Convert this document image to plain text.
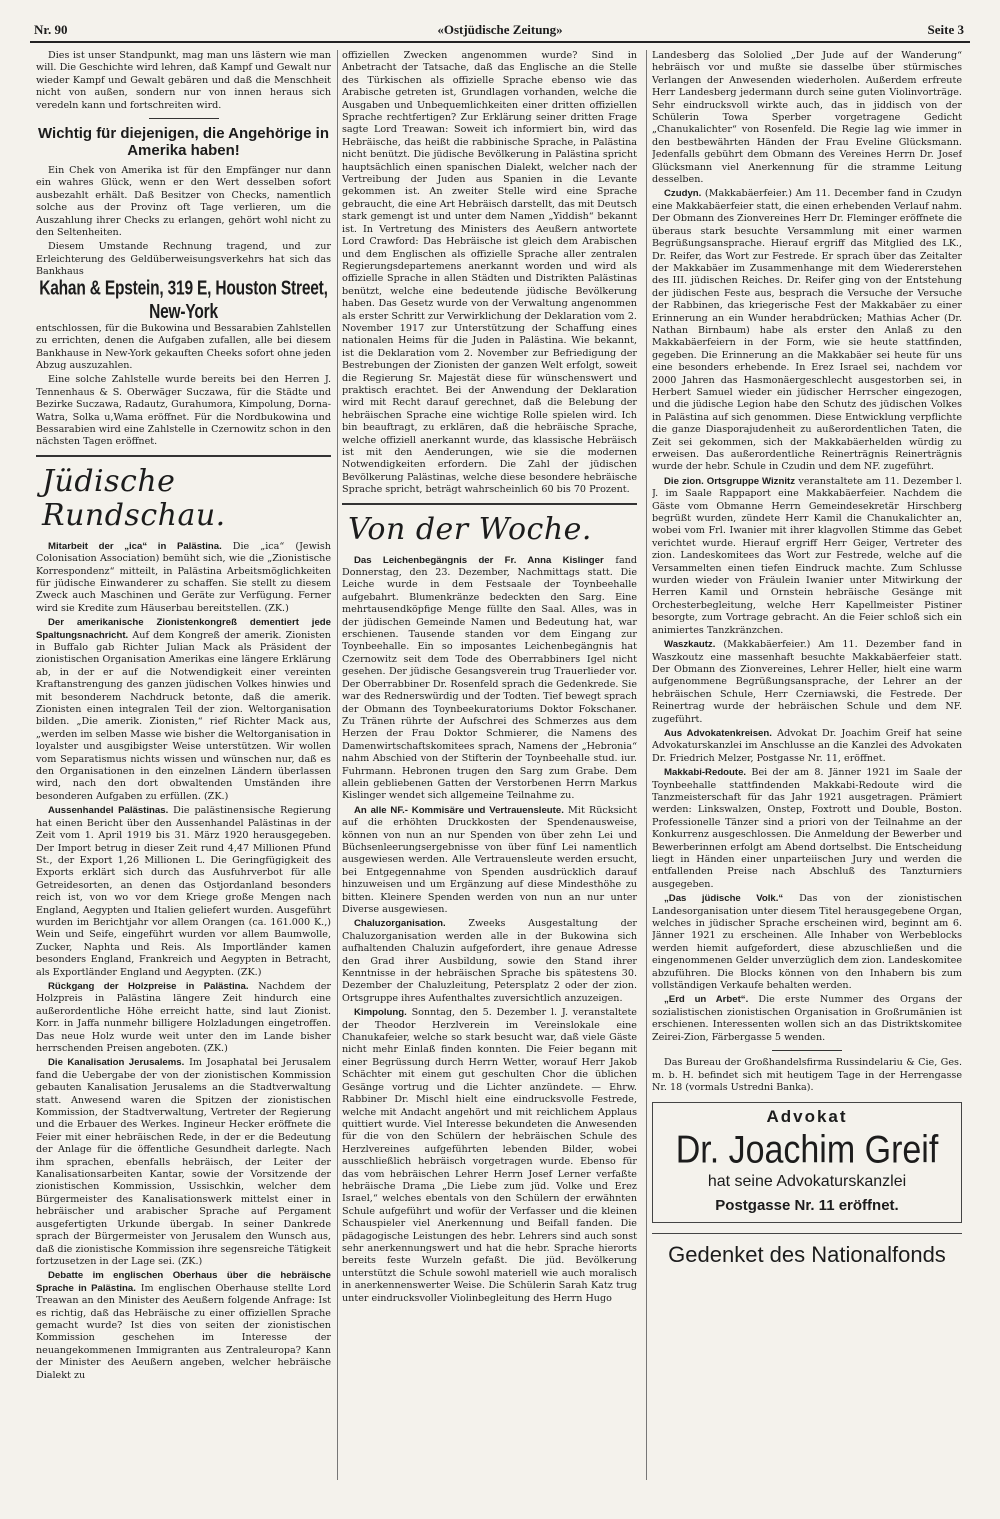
Nr. 90	«Ostjüdische Zeitung»	Seite 3

Dies ist unser Standpunkt, mag man uns lästern wie man will. Die Geschichte wird lehren, daß Kampf und Gewalt nur wieder Kampf und Gewalt gebären und daß die Menschheit nicht von außen, sondern nur von innen heraus sich veredeln kann und fortschreiten wird.

Wichtig für diejenigen, die Angehörige in Amerika haben!

Ein Chek von Amerika ist für den Empfänger nur dann ein wahres Glück, wenn er den Wert desselben sofort ausbezahlt erhält. Daß Besitzer von Checks, namentlich solche aus der Provinz oft Tage verlieren, um die Auszahlung ihrer Checks zu erlangen, gehört wohl nicht zu den Seltenheiten.

Diesem Umstande Rechnung tragend, und zur Erleichterung des Geldüberweisungsverkehrs hat sich das Bankhaus

Kahan & Epstein, 319 E, Houston Street, New-York

entschlossen, für die Bukowina und Bessarabien Zahlstellen zu errichten, denen die Aufgaben zufallen, alle bei diesem Bankhause in New-York gekauften Cheeks sofort ohne jeden Abzug auszuzahlen.

Eine solche Zahlstelle wurde bereits bei den Herren J. Tennenhaus & S. Oberwäger Suczawa, für die Städte und Bezirke Suczawa, Radautz, Gurahumora, Kimpolung, Dorna-Watra, Solka u,Wama eröffnet. Für die Nordbukowina und Bessarabien wird eine Zahlstelle in Czernowitz schon in den nächsten Tagen eröffnet.

Jüdische Rundschau.

Mitarbeit der „ica“ in Palästina. Die „ica“ (Jewish Colonisation Association) bemüht sich, wie die „Zionistische Korrespondenz“ mitteilt, in Palästina Arbeitsmöglichkeiten für jüdische Einwanderer zu schaffen. Sie stellt zu diesem Zweck auch Maschinen und Geräte zur Verfügung. Ferner wird sie Kredite zum Häuserbau bereitstellen. (ZK.)

Der amerikanische Zionistenkongreß dementiert jede Spaltungsnachricht. Auf dem Kongreß der amerik. Zionisten in Buffalo gab Richter Julian Mack als Präsident der zionistischen Organisation Amerikas eine längere Erklärung ab, in der er auf die Notwendigkeit einer vereinten Kraftanstrengung des ganzen jüdischen Volkes hinwies und mit besonderem Nachdruck betonte, daß die amerik. Zionisten einen integralen Teil der zion. Weltorganisation bilden. „Die amerik. Zionisten,“ rief Richter Mack aus, „werden im selben Masse wie bisher die Weltorganisation in loyalster und ausgibigster Weise unterstützen. Wir wollen vom Separatismus nichts wissen und wünschen nur, daß es den Organisationen in den einzelnen Ländern überlassen wird, nach den dort obwaltenden Umständen ihre besonderen Aufgaben zu erfüllen. (ZK.)

Aussenhandel Palästinas. Die palästinensische Regierung hat einen Bericht über den Aussenhandel Palästinas in der Zeit vom 1. April 1919 bis 31. März 1920 herausgegeben. Der Import betrug in dieser Zeit rund 4,47 Millionen Pfund St., der Export 1,26 Millionen L. Die Geringfügigkeit des Exports erklärt sich durch das Ausfuhrverbot für alle Getreidesorten, an denen das Ostjordanland besonders reich ist, von wo vor dem Kriege große Mengen nach England, Aegypten und Italien geliefert wurden. Ausgeführt wurden im Berichtjahr vor allem Orangen (ca. 161.000 K.,) Wein und Seife, eingeführt wurden vor allem Baumwolle, Zucker, Naphta und Reis. Als Importländer kamen besonders England, Frankreich und Aegypten in Betracht, als Exportländer England und Aegypten. (ZK.)

Rückgang der Holzpreise in Palästina. Nachdem der Holzpreis in Palästina längere Zeit hindurch eine außerordentliche Höhe erreicht hatte, sind laut Zionist. Korr. in Jaffa nunmehr billigere Holzladungen eingetroffen. Das neue Holz wurde weit unter den im Lande bisher herrschenden Preisen angeboten. (ZK.)

Die Kanalisation Jerusalems. Im Josaphatal bei Jerusalem fand die Uebergabe der von der zionistischen Kommission gebauten Kanalisation Jerusalems an die Stadtverwaltung statt. Anwesend waren die Spitzen der zionistischen Kommission, der Stadtverwaltung, Vertreter der Regierung und die Erbauer des Werkes. Ingineur Hecker eröffnete die Feier mit einer hebräischen Rede, in der er die Bedeutung der Anlage für die öffentliche Gesundheit darlegte. Nach ihm sprachen, ebenfalls hebräisch, der Leiter der Kanalisationsarbeiten Kantar, sowie der Vorsitzende der zionistischen Kommission, Ussischkin, welcher dem Bürgermeister des Kanalisationswerk mittelst einer in hebräischer und arabischer Sprache auf Pergament ausgefertigten Urkunde übergab. In seiner Dankrede sprach der Bürgermeister von Jerusalem den Wunsch aus, daß die zionistische Kommission ihre segensreiche Tätigkeit fortzusetzen in der Lage sei. (ZK.)

Debatte im englischen Oberhaus über die hebräische Sprache in Palästina. Im englischen Oberhause stellte Lord Treawan an den Minister des Aeußern folgende Anfrage: Ist es richtig, daß das Hebräische zu einer offiziellen Sprache gemacht wurde? Ist dies von seiten der zionistischen Kommission geschehen im Interesse der neuangekommenen Immigranten aus Zentraleuropa? Kann der Minister des Aeußern angeben, welcher hebräische Dialekt zu

offiziellen Zwecken angenommen wurde? Sind in Anbetracht der Tatsache, daß das Englische an die Stelle des Türkischen als offizielle Sprache ebenso wie das Arabische getreten ist, Grundlagen vorhanden, welche die Ausgaben und Unbequemlichkeiten einer dritten offiziellen Sprache rechtfertigen? Zur Erklärung seiner dritten Frage sagte Lord Treawan: Soweit ich informiert bin, wird das Hebräische, das heißt die rabbinische Sprache, in Palästina nicht benützt. Die jüdische Bevölkerung in Palästina spricht hauptsächlich einen spanischen Dialekt, welcher nach der Vertreibung der Juden aus Spanien in die Levante gekommen ist. An zweiter Stelle wird eine Sprache gebraucht, die eine Art Hebräisch darstellt, das mit Deutsch stark gemengt ist und unter dem Namen „Yiddish“ bekannt ist. In Vertretung des Ministers des Aeußern antwortete Lord Crawford: Das Hebräische ist gleich dem Arabischen und dem Englischen als offizielle Sprache aller zentralen Regierungsdepartemens anerkannt worden und wird als offizielle Sprache in allen Städten und Distrikten Palästinas benützt, welche eine bedeutende jüdische Bevölkerung haben. Das Gesetz wurde von der Verwaltung angenommen als erster Schritt zur Verwirklichung der Deklaration vom 2. November 1917 zur Unterstützung der Schaffung eines nationalen Heims für die Juden in Palästina. Wie bekannt, ist die Deklaration vom 2. November zur Befriedigung der Bestrebungen der Zionisten der ganzen Welt erfolgt, soweit die Regierung Sr. Majestät diese für wünschenswert und praktisch erachtet. Bei der Anwendung der Deklaration wird mit Recht darauf gerechnet, daß die Belebung der hebräischen Sprache eine wichtige Rolle spielen wird. Ich bin beauftragt, zu erklären, daß die hebräische Sprache, welche offiziell anerkannt wurde, das klassische Hebräisch ist mit den Aenderungen, wie sie die modernen Notwendigkeiten erfordern. Die Zahl der jüdischen Bevölkerung Palästinas, welche diese besondere hebräische Sprache spricht, beträgt wahrscheinlich 60 bis 70 Prozent.

Von der Woche.

Das Leichenbegängnis der Fr. Anna Kislinger fand Donnerstag, den 23. Dezember, Nachmittags statt. Die Leiche wurde in dem Festsaale der Toynbeehalle aufgebahrt. Blumenkränze bedeckten den Sarg. Eine mehrtausendköpfige Menge füllte den Saal. Alles, was in der jüdischen Gemeinde Namen und Bedeutung hat, war erschienen. Tausende standen vor dem Eingang zur Toynbeehalle. Ein so imposantes Leichenbegängnis hat Czernowitz seit dem Tode des Oberrabbiners Igel nicht gesehen. Der jüdische Gesangsverein trug Trauerlieder vor. Der Oberrabbiner Dr. Rosenfeld sprach die Gedenkrede. Sie war des Rednerswürdig und der Todten. Tief bewegt sprach der Obmann des Toynbeekuratoriums Doktor Fokschaner. Zu Tränen rührte der Aufschrei des Schmerzes aus dem Herzen der Frau Doktor Schmierer, die Namens des Damenwirtschaftskomitees sprach, Namens der „Hebronia“ nahm Abschied von der Stifterin der Toynbeehalle stud. iur. Fuhrmann. Hebronen trugen den Sarg zum Grabe. Dem allein gebliebenen Gatten der Verstorbenen Herrn Markus Kislinger wendet sich allgemeine Teilnahme zu.

An alle NF.- Kommisäre und Vertrauensleute. Mit Rücksicht auf die erhöhten Druckkosten der Spendenausweise, können von nun an nur Spenden von über zehn Lei und Büchsenleerungsergebnisse von über fünf Lei namentlich ausgewiesen werden. Alle Vertrauensleute werden ersucht, bei Entgegennahme von Spenden ausdrücklich darauf hinzuweisen und um Ergänzung auf diese Mindesthöhe zu bitten. Kleinere Spenden werden von nun an nur unter Diverse ausgewiesen.

Chaluzorganisation. Zweeks Ausgestaltung der Chaluzorganisation werden alle in der Bukowina sich aufhaltenden Chaluzin aufgefordert, ihre genaue Adresse den Grad ihrer Ausbildung, sowie den Stand ihrer Kenntnisse in der hebräischen Sprache bis spätestens 30. Dezember der Chaluzleitung, Petersplatz 2 oder der zion. Ortsgruppe ihres Aufenthaltes zuversichtlich anzuzeigen.

Kimpolung. Sonntag, den 5. Dezember l. J. veranstaltete der Theodor Herzlverein im Vereinslokale eine Chanukafeier, welche so stark besucht war, daß viele Gäste nicht mehr Einlaß finden konnten. Die Feier begann mit einer Begrüssung durch Herrn Wetter, worauf Herr Jakob Schächter mit einem gut geschulten Chor die üblichen Gesänge vortrug und die Lichter anzündete. — Ehrw. Rabbiner Dr. Mischl hielt eine eindrucksvolle Festrede, welche mit Andacht angehört und mit reichlichem Applaus quittiert wurde. Viel Interesse bekundeten die Anwesenden für die von den Schülern der hebräischen Schule des Herzlvereines aufgeführten lebenden Bilder, wobei ausschließlich hebräisch vorgetragen wurde. Ebenso für das vom hebräischen Lehrer Herrn Josef Lerner verfaßte hebräische Drama „Die Liebe zum jüd. Volke und Erez Israel,“ welches ebentals von den Schülern der erwähnten Schule aufgeführt und wofür der Verfasser und die kleinen Schauspieler viel Anerkennung und Beifall fanden. Die pädagogische Leistungen des hebr. Lehrers sind auch sonst sehr anerkennungswert und hat die hebr. Sprache hierorts bereits feste Wurzeln gefaßt. Die jüd. Bevölkerung unterstützt die Schule sowohl materiell wie auch moralisch in anerkennenswerter Weise. Die Schülerin Sarah Katz trug unter eindrucksvoller Violinbegleitung des Herrn Hugo

Landesberg das Sololied „Der Jude auf der Wanderung“ hebräisch vor und mußte sie dasselbe über stürmisches Verlangen der Anwesenden wiederholen. Außerdem erfreute Herr Landesberg jedermann durch seine guten Violinvorträge. Sehr eindrucksvoll wirkte auch, das in jiddisch von der Schülerin Towa Sperber vorgetragene Gedicht „Chanukalichter“ von Rosenfeld. Die Regie lag wie immer in den bestbewährten Händen der Frau Eveline Glücksmann. Jedenfalls gebührt dem Obmann des Vereines Herrn Dr. Josef Glücksmann viel Anerkennung für die stramme Leitung desselben.

Czudyn. (Makkabäerfeier.) Am 11. December fand in Czudyn eine Makkabäerfeier statt, die einen erhebenden Verlauf nahm. Der Obmann des Zionvereines Herr Dr. Fleminger eröffnete die überaus stark besuchte Versammlung mit einer warmen Begrüßungsansprache. Hierauf ergriff das Mitglied des LK., Dr. Reifer, das Wort zur Festrede. Er sprach über das Zeitalter der Makkabäer im Zusammenhange mit dem Wiedererstehen des III. jüdischen Reiches. Dr. Reifer ging von der Entstehung der jüdischen Feste aus, besprach die Versuche der Versuche der Rabbinen, das kriegerische Fest der Makkabäer zu einer Erinnerung an ein Wunder herabdrücken; Mathias Acher (Dr. Nathan Birnbaum) habe als erster den Anlaß zu den Makkabäerfeiern in der Form, wie sie heute stattfinden, gegeben. Die Erinnerung an die Makkabäer sei heute für uns eine besonders erhebende. In Erez Israel sei, nachdem vor 2000 Jahren das Hasmonäergeschlecht ausgestorben sei, in Herbert Samuel wieder ein jüdischer Herrscher eingezogen, und die jüdische Legion habe den Schutz des jüdischen Volkes in Palästina auf sich genommen. Diese Entwicklung verpflichte die ganze Diasporajudenheit zu außerordentlichen Taten, die Zeit sei gekommen, sich der Makkabäerhelden würdig zu erweisen. Das außerordentliche Reinerträgnis Reinerträgnis wurde der hebr. Schule in Czudin und dem NF. zugeführt.

Die zion. Ortsgruppe Wiznitz veranstaltete am 11. Dezember l. J. im Saale Rappaport eine Makkabäerfeier. Nachdem die Gäste vom Obmanne Herrn Gemeindesekretär Hirschberg begrüßt wurden, zündete Herr Kamil die Chanukalichter an, wobei vom Frl. Iwanier mit ihrer klagvollen Stimme das Gebet verichtet wurde. Hierauf ergriff Herr Geiger, Vertreter des zion. Landeskomitees das Wort zur Festrede, welche auf die Versammelten einen tiefen Eindruck machte. Zum Schlusse wurden wieder von Fräulein Iwanier unter Mitwirkung der Herren Kamil und Ornstein hebräische Gesänge mit Orchesterbegleitung, welche Herr Kapellmeister Pistiner besorgte, zum Vortrage gebracht. An die Feier schloß sich ein animiertes Tanzkränzchen.

Waszkautz. (Makkabäerfeier.) Am 11. Dezember fand in Waszkoutz eine massenhaft besuchte Makkabäerfeier statt. Der Obmann des Zionvereines, Lehrer Heller, hielt eine warm aufgenommene Begrüßungsansprache, der Lehrer an der hebräischen Schule, Herr Czerniawski, die Festrede. Der Reinertrag wurde der hebräischen Schule und dem NF. zugeführt.

Aus Advokatenkreisen. Advokat Dr. Joachim Greif hat seine Advokaturskanzlei im Anschlusse an die Kanzlei des Advokaten Dr. Friedrich Melzer, Postgasse Nr. 11, eröffnet.

Makkabi-Redoute. Bei der am 8. Jänner 1921 im Saale der Toynbeehalle stattfindenden Makkabi-Redoute wird die Tanzmeisterschaft für das Jahr 1921 ausgetragen. Prämiert werden: Linkswalzen, Onstep, Foxtrott und Double, Boston. Professionelle Tänzer sind a priori von der Teilnahme an der Konkurrenz ausgeschlossen. Die Anmeldung der Bewerber und Bewerberinnen erfolgt am Abend dortselbst. Die Entscheidung liegt in Händen einer unparteiischen Jury und werden die entfallenden Preise nach Abschluß des Tanzturniers ausgegeben.

„Das jüdische Volk.“ Das von der zionistischen Landesorganisation unter diesem Titel herausgegebene Organ, welches in jüdischer Sprache erscheinen wird, beginnt am 6. Jänner 1921 zu erscheinen. Alle Inhaber von Werbeblocks werden hiemit aufgefordert, diese abzuschließen und die eingenommenen Gelder unverzüglich dem zion. Landeskomitee abzuführen. Die Blocks können von den Inhabern bis zum vollständigen Verkaufe behalten werden.

„Erd un Arbet“. Die erste Nummer des Organs der sozialistischen zionistischen Organisation in Großrumänien ist erschienen. Interessenten wollen sich an das Distriktskomitee Zeirei-Zion, Färbergasse 5 wenden.

Das Bureau der Großhandelsfirma Russindelariu & Cie, Ges. m. b. H. befindet sich mit heutigem Tage in der Herrengasse Nr. 18 (vormals Ustredni Banka).

Advokat
Dr. Joachim Greif
hat seine Advokaturskanzlei
Postgasse Nr. 11 eröffnet.
Gedenket des Nationalfonds
